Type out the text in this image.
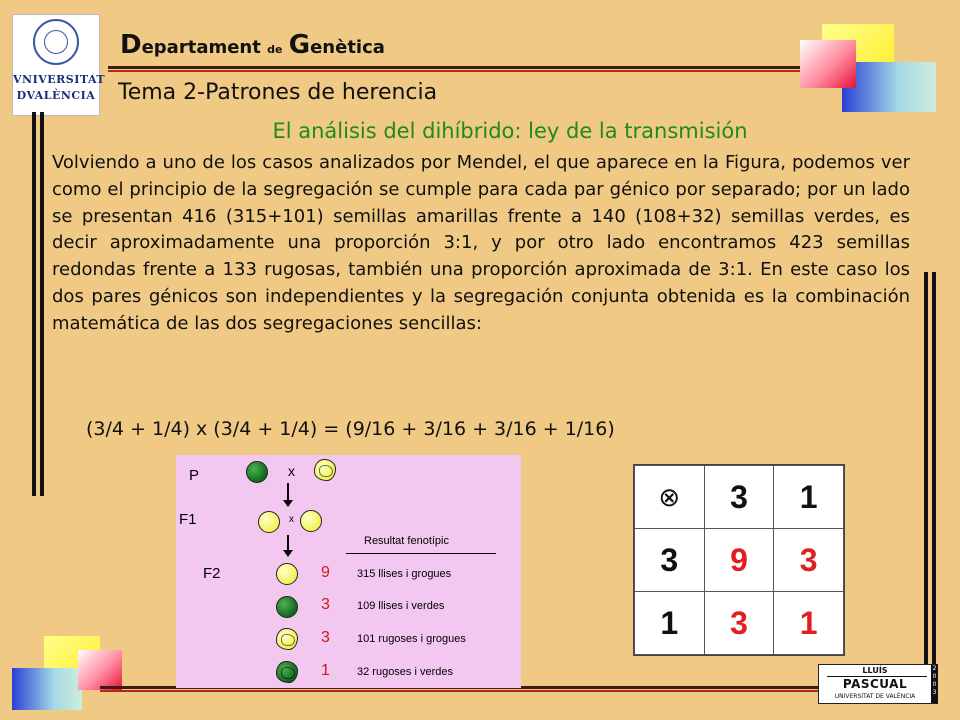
VNIVERSITAT
DVALÈNCIA
Departament de Genètica
Tema 2-Patrones de herencia
El análisis del dihíbrido: ley de la transmisión
Volviendo a uno de los casos analizados por Mendel, el que aparece en la Figura, podemos ver como el principio de la segregación se cumple para cada par génico por separado; por un lado se presentan 416 (315+101) semillas amarillas frente a 140 (108+32) semillas verdes, es decir aproximadamente una proporción 3:1, y por otro lado encontramos 423 semillas redondas frente a 133 rugosas, también una proporción aproximada de 3:1. En este caso los dos pares génicos son independientes y la segregación conjunta obtenida es la combinación matemática de las dos segregaciones sencillas:
(3/4 + 1/4) x (3/4 + 1/4) = (9/16 + 3/16 + 3/16 + 1/16)
P
F1
F2
x
x
Resultat fenotípic
9 315 llises i grogues
3 109 llises i verdes
3 101 rugoses i grogues
1 32 rugoses i verdes
⊗	3	1
3	9	3
1	3	1
LLUÍS
PASCUAL
UNIVERSITAT DE VALÈNCIA
2
0
0
3
